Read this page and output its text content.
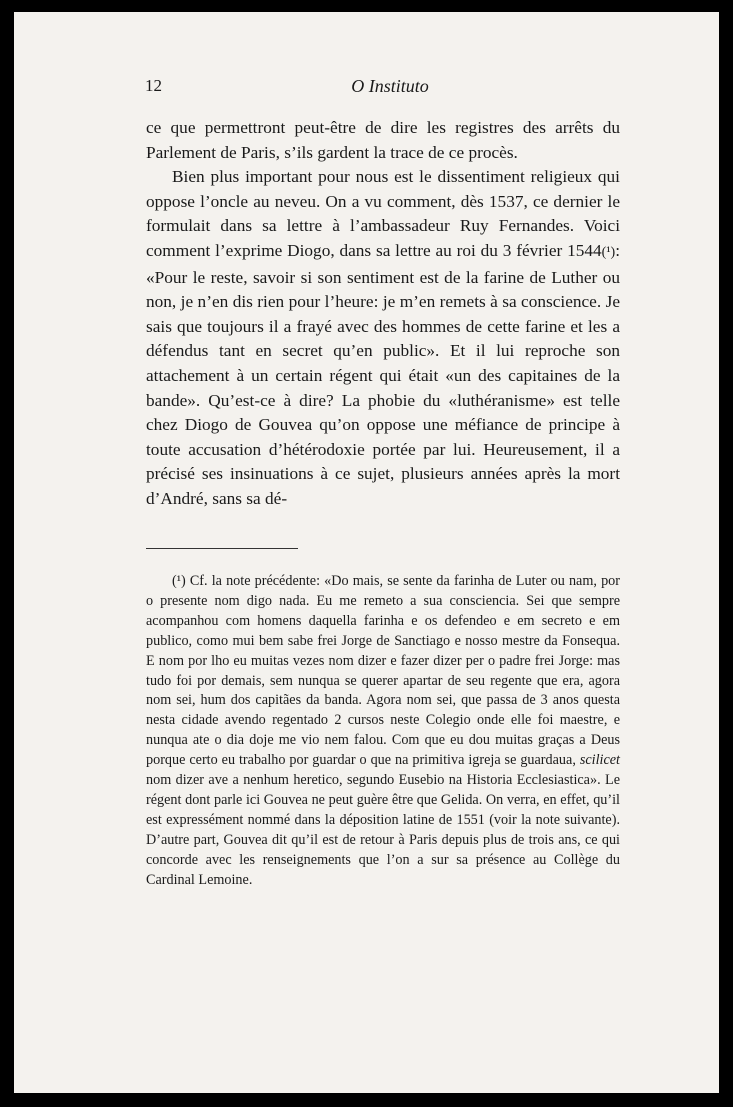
12	O Instituto

ce que permettront peut-être de dire les registres des arrêts du Parlement de Paris, s’ils gardent la trace de ce procès.

Bien plus important pour nous est le dissentiment religieux qui oppose l’oncle au neveu. On a vu comment, dès 1537, ce dernier le formulait dans sa lettre à l’ambassadeur Ruy Fernandes. Voici comment l’exprime Diogo, dans sa lettre au roi du 3 février 1544(¹): «Pour le reste, savoir si son sentiment est de la farine de Luther ou non, je n’en dis rien pour l’heure: je m’en remets à sa conscience. Je sais que toujours il a frayé avec des hommes de cette farine et les a défendus tant en secret qu’en public». Et il lui reproche son attachement à un certain régent qui était «un des capitaines de la bande». Qu’est-ce à dire? La phobie du «luthéranisme» est telle chez Diogo de Gouvea qu’on oppose une méfiance de principe à toute accusation d’hétérodoxie portée par lui. Heureusement, il a précisé ses insinuations à ce sujet, plusieurs années après la mort d’André, sans sa dé-

(¹) Cf. la note précédente: «Do mais, se sente da farinha de Luter ou nam, por o presente nom digo nada. Eu me remeto a sua conscienciа. Sei que sempre acompanhou com homens daquella farinha e os defendeo e em secreto e em publico, como mui bem sabe frei Jorge de Sanctiago e nosso mestre da Fonsequa. E nom por lho eu muitas vezes nom dizer e fazer dizer per o padre frei Jorge: mas tudo foi por demais, sem nunqua se querer apartar de seu regente que era, agora nom sei, hum dos capitães da banda. Agora nom sei, que passa de 3 anos questa nesta cidade avendo regentado 2 cursos neste Colegio onde elle foi maestre, e nunqua ate o dia doje me vio nem falou. Com que eu dou muitas graças a Deus porque certo eu trabalho por guardar o que na primitiva igreja se guardaua, scilicet nom dizer ave a nenhum heretico, segundo Eusebio na Historia Ecclesiastica». Le régent dont parle ici Gouvea ne peut guère être que Gelida. On verra, en effet, qu’il est expressément nommé dans la déposition latine de 1551 (voir la note suivante). D’autre part, Gouvea dit qu’il est de retour à Paris depuis plus de trois ans, ce qui concorde avec les renseignements que l’on a sur sa présence au Collège du Cardinal Lemoine.
